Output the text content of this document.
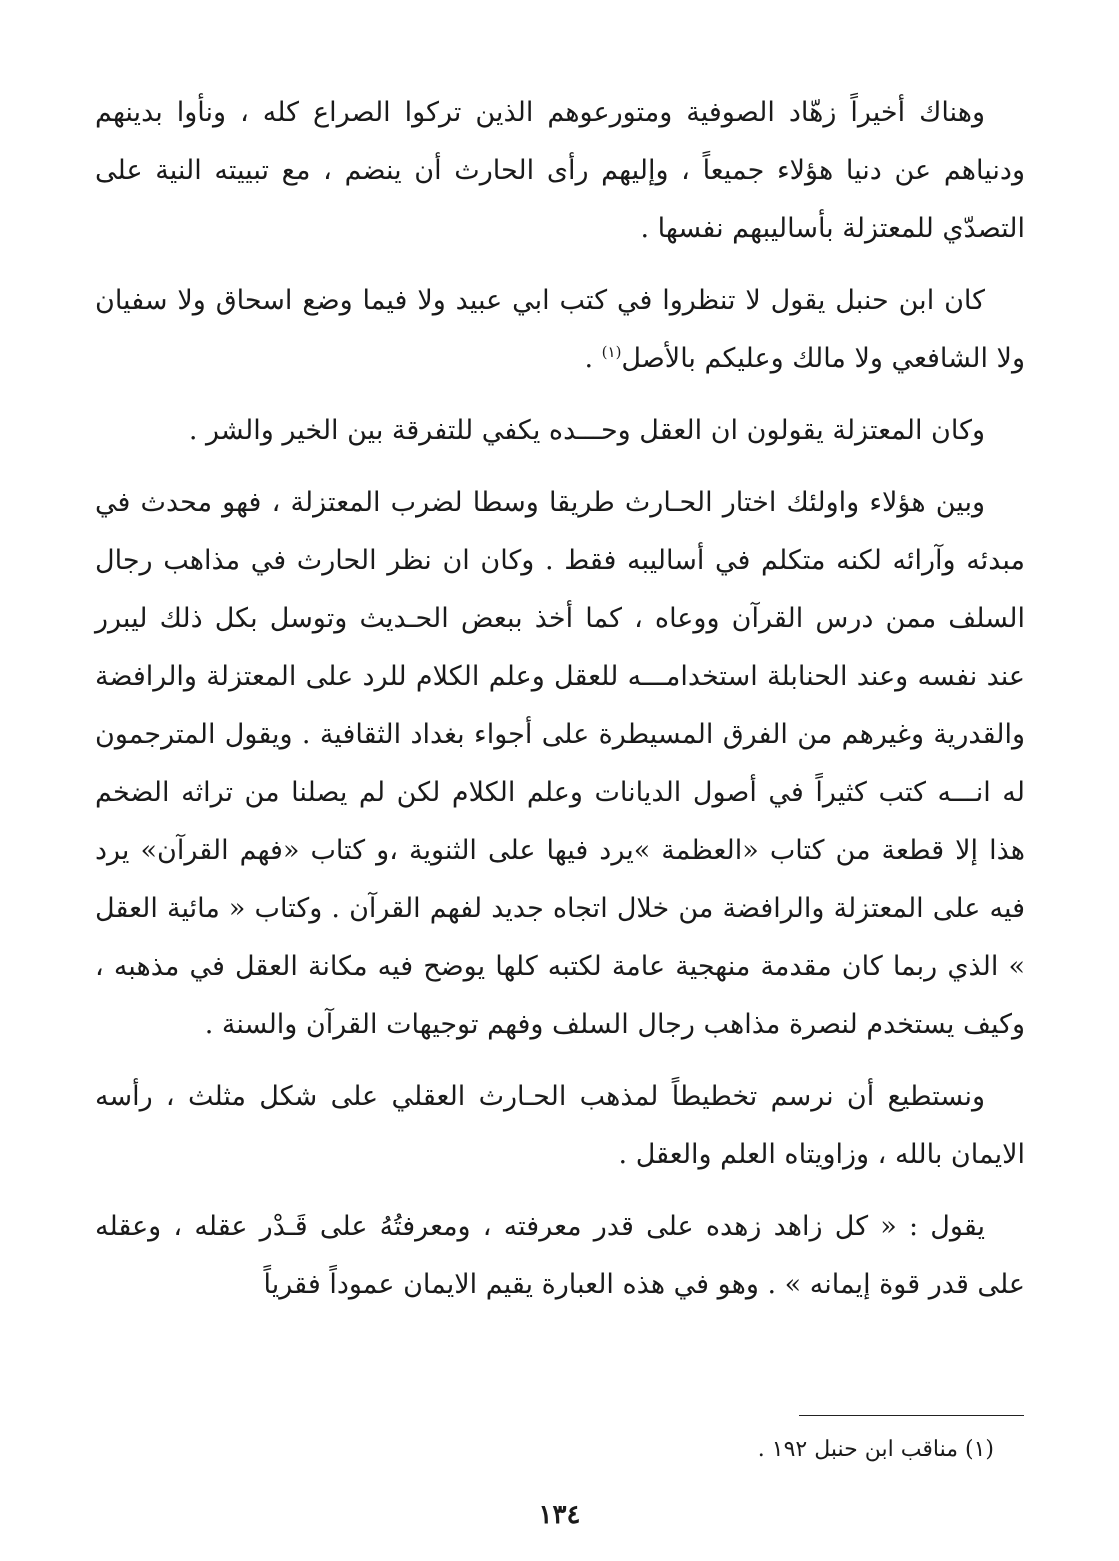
وهناك أخيراً زهّاد الصوفية ومتورعوهم الذين تركوا الصراع كله ، ونأوا بدينهم ودنياهم عن دنيا هؤلاء جميعاً ، وإليهم رأى الحارث أن ينضم ، مع تبييته النية على التصدّي للمعتزلة بأساليبهم نفسها .

كان ابن حنبل يقول لا تنظروا في كتب ابي عبيد ولا فيما وضع اسحاق ولا سفيان ولا الشافعي ولا مالك وعليكم بالأصل$^{(١)}$ .

وكان المعتزلة يقولون ان العقل وحـــده يكفي للتفرقة بين الخير والشر .

وبين هؤلاء واولئك اختار الحـارث طريقا وسطا لضرب المعتزلة ، فهو محدث في مبدئه وآرائه لكنه متكلم في أساليبه فقط . وكان ان نظر الحارث في مذاهب رجال السلف ممن درس القرآن ووعاه ، كما أخذ ببعض الحـديث وتوسل بكل ذلك ليبرر عند نفسه وعند الحنابلة استخدامـــه للعقل وعلم الكلام للرد على المعتزلة والرافضة والقدرية وغيرهم من الفرق المسيطرة على أجواء بغداد الثقافية . ويقول المترجمون له انـــه كتب كثيراً في أصول الديانات وعلم الكلام لكن لم يصلنا من تراثه الضخم هذا إلا قطعة من كتاب «العظمة »يرد فيها على الثنوية ،و كتاب «فهم القرآن» يرد فيه على المعتزلة والرافضة من خلال اتجاه جديد لفهم القرآن . وكتاب « مائية العقل » الذي ربما كان مقدمة منهجية عامة لكتبه كلها يوضح فيه مكانة العقل في مذهبه ، وكيف يستخدم لنصرة مذاهب رجال السلف وفهم توجيهات القرآن والسنة .

ونستطيع أن نرسم تخطيطاً لمذهب الحـارث العقلي على شكل مثلث ، رأسه الايمان بالله ، وزاويتاه العلم والعقل .

يقول : « كل زاهد زهده على قدر معرفته ، ومعرفتُهُ على قَـدْر عقله ، وعقله على قدر قوة إيمانه » . وهو في هذه العبارة يقيم الايمان عموداً فقرياً

(١) مناقب ابن حنبل ١٩٢ .
١٣٤
